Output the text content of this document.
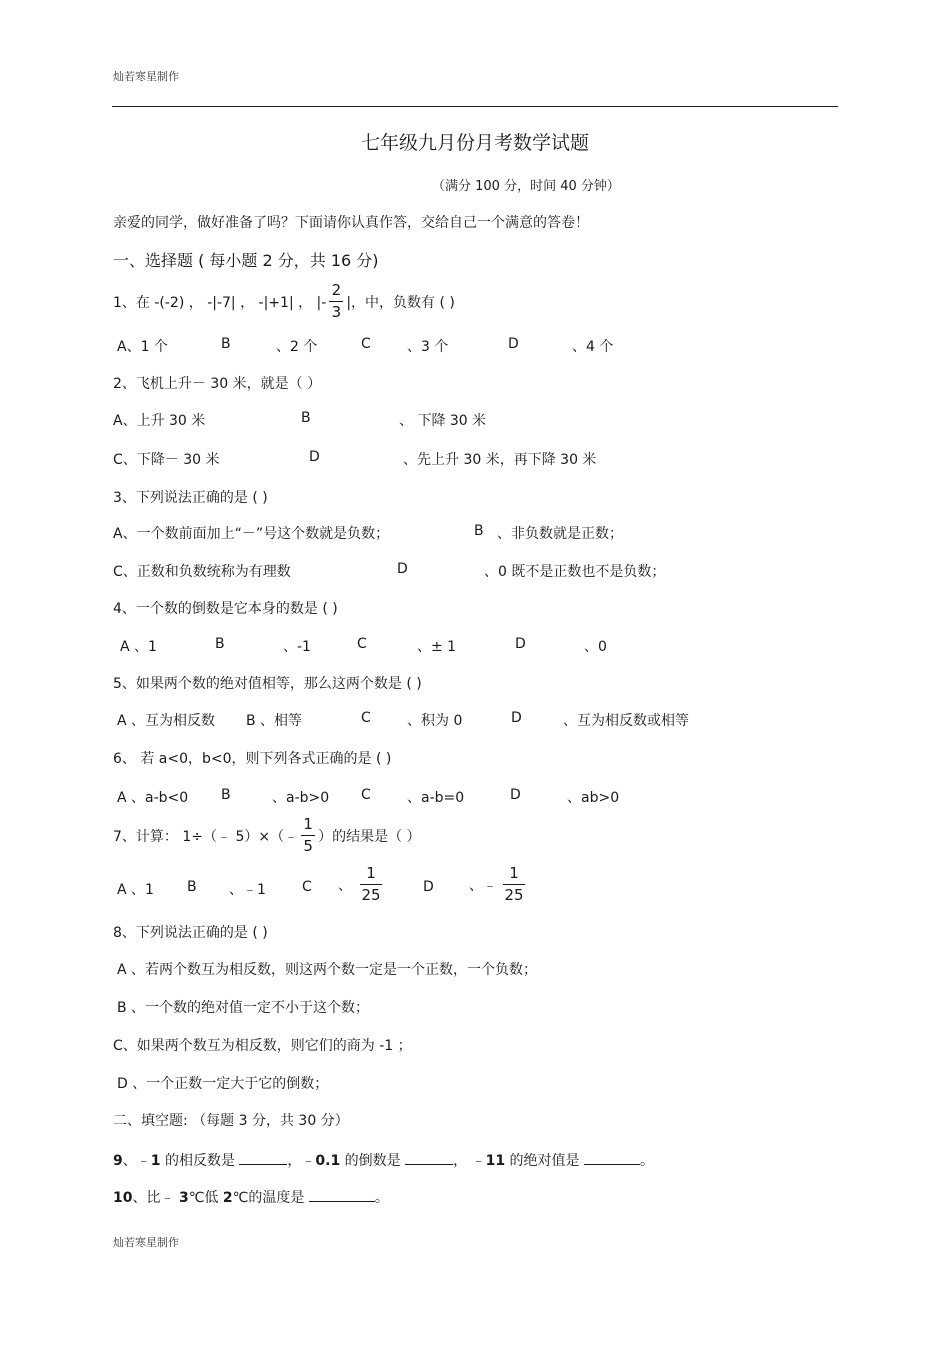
灿若寒星制作
七年级九月份月考数学试题
（满分 100 分，时间 40 分钟）
亲爱的同学，做好准备了吗？下面请你认真作答，交给自己一个满意的答卷！
一、选择题 ( 每小题 2 分，共 16 分)
1、在 -(-2) ， -|-7| ， -|+1| ， |- $\frac{2}{3}$ |，中，负数有 ( )
A、1 个	B	、2 个	C	、3 个	D	、4 个
2、飞机上升－ 30 米，就是（ ）
A、上升 30 米	B	、 下降 30 米
C、下降－ 30 米	D	、先上升 30 米，再下降 30 米
3、下列说法正确的是 ( )
A、一个数前面加上“－”号这个数就是负数；	B 、非负数就是正数；
C、正数和负数统称为有理数	D	、0 既不是正数也不是负数；
4、一个数的倒数是它本身的数是 ( )
A 、1	B	、-1	C	、± 1	D	、0
5、如果两个数的绝对值相等，那么这两个数是 ( )
A 、互为相反数 B 、相等	C	、积为 0	D	、互为相反数或相等
6、 若 a<0，b<0，则下列各式正确的是 ( )
A 、a-b<0 B	、a-b>0 C	、a-b=0	D	、ab>0
7、计算： 1÷（﹣ 5）×（﹣ $\frac{1}{5}$ ）的结果是（ ）
A 、1 B 、﹣1	C 、 $\frac{1}{25}$	D	、﹣ $\frac{1}{25}$
8、下列说法正确的是 ( )
A 、若两个数互为相反数，则这两个数一定是一个正数，一个负数；
B 、一个数的绝对值一定不小于这个数；
C、如果两个数互为相反数，则它们的商为 -1 ；
D 、一个正数一定大于它的倒数；
二、填空题: （每题 3 分，共 30 分）
9、﹣1 的相反数是	，﹣0.1 的倒数是	， ﹣11 的绝对值是	。
10、比﹣ 3℃低 2℃的温度是	。
灿若寒星制作
